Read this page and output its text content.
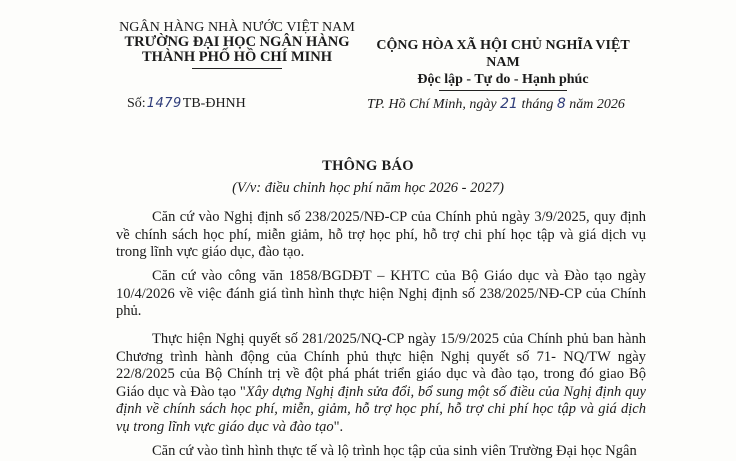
NGÂN HÀNG NHÀ NƯỚC VIỆT NAM
TRƯỜNG ĐẠI HỌC NGÂN HÀNG
THÀNH PHỐ HỒ CHÍ MINH
CỘNG HÒA XÃ HỘI CHỦ NGHĨA VIỆT NAM
Độc lập - Tự do - Hạnh phúc
Số:1479TB-ĐHNH	TP. Hồ Chí Minh, ngày 21 tháng 8 năm 2026
THÔNG BÁO
(V/v: điều chỉnh học phí năm học 2026 - 2027)
Căn cứ vào Nghị định số 238/2025/NĐ-CP của Chính phủ ngày 3/9/2025, quy định về chính sách học phí, miễn giảm, hỗ trợ học phí, hỗ trợ chi phí học tập và giá dịch vụ trong lĩnh vực giáo dục, đào tạo.
Căn cứ vào công văn 1858/BGDĐT – KHTC của Bộ Giáo dục và Đào tạo ngày 10/4/2026 về việc đánh giá tình hình thực hiện Nghị định số 238/2025/NĐ-CP của Chính phủ.
Thực hiện Nghị quyết số 281/2025/NQ-CP ngày 15/9/2025 của Chính phủ ban hành Chương trình hành động của Chính phủ thực hiện Nghị quyết số 71- NQ/TW ngày 22/8/2025 của Bộ Chính trị về đột phá phát triển giáo dục và đào tạo, trong đó giao Bộ Giáo dục và Đào tạo "Xây dựng Nghị định sửa đổi, bổ sung một số điều của Nghị định quy định về chính sách học phí, miễn, giảm, hỗ trợ học phí, hỗ trợ chi phí học tập và giá dịch vụ trong lĩnh vực giáo dục và đào tạo".
Căn cứ vào tình hình thực tế và lộ trình học tập của sinh viên Trường Đại học Ngân
